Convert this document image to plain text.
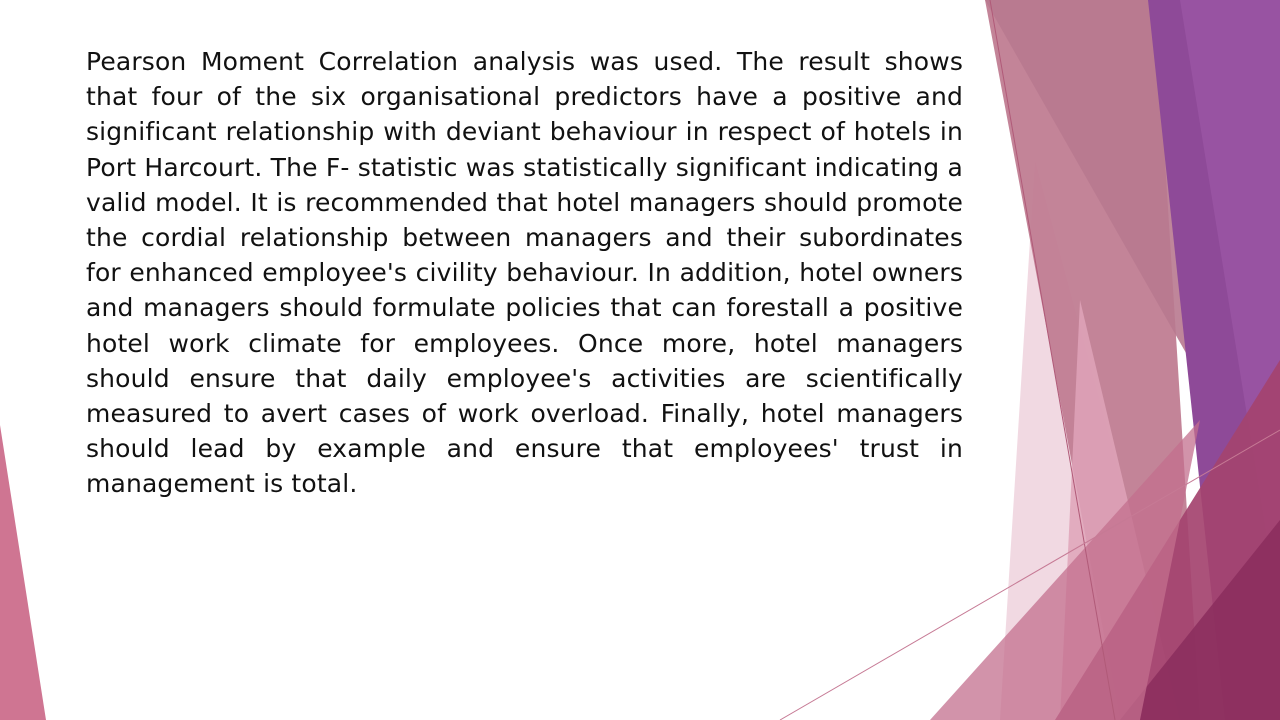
Pearson Moment Correlation analysis was used. The result shows that four of the six organisational predictors have a positive and significant relationship with deviant behaviour in respect of hotels in Port Harcourt. The F- statistic was statistically significant indicating a valid model. It is recommended that hotel managers should promote the cordial relationship between managers and their subordinates for enhanced employee's civility behaviour. In addition, hotel owners and managers should formulate policies that can forestall a positive hotel work climate for employees. Once more, hotel managers should ensure that daily employee's activities are scientifically measured to avert cases of work overload. Finally, hotel managers should lead by example and ensure that employees' trust in management is total.
